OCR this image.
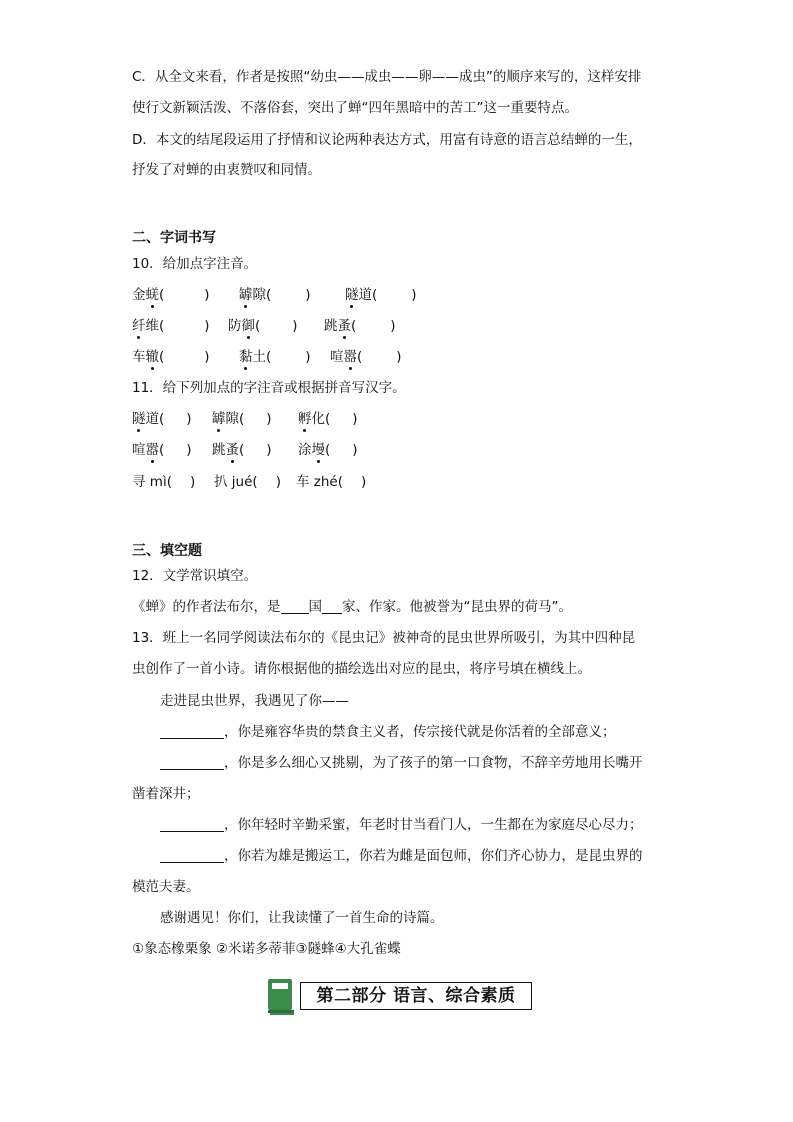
C．从全文来看，作者是按照“幼虫——成虫——卵——成虫”的顺序来写的，这样安排
使行文新颖活泼、不落俗套，突出了蝉“四年黑暗中的苦工”这一重要特点。
D．本文的结尾段运用了抒情和议论两种表达方式，用富有诗意的语言总结蝉的一生，
抒发了对蝉的由衷赞叹和同情。
二、字词书写
10．给加点字注音。
金蜣(	) 罅隙(	)	隧道(	)
纤维(	) 防御( ) 跳蚤(	)
车辙(	) 黏土(	) 喧嚣(	)
11．给下列加点的字注音或根据拼音写汉字。
隧道( ) 罅隙( ) 孵化( )
喧嚣( ) 跳蚤( ) 涂墁( )
寻 mì( ) 扒 jué( ) 车 zhé( )
三、填空题
12．文学常识填空。
《蝉》的作者法布尔，是 国 家、作家。他被誉为“昆虫界的荷马”。
13．班上一名同学阅读法布尔的《昆虫记》被神奇的昆虫世界所吸引，为其中四种昆
虫创作了一首小诗。请你根据他的描绘选出对应的昆虫，将序号填在横线上。
走进昆虫世界，我遇见了你——
，你是雍容华贵的禁食主义者，传宗接代就是你活着的全部意义；
，你是多么细心又挑剔，为了孩子的第一口食物，不辞辛劳地用长嘴开
凿着深井；
，你年轻时辛勤采蜜，年老时甘当看门人，一生都在为家庭尽心尽力；
，你若为雄是搬运工，你若为雌是面包师，你们齐心协力，是昆虫界的
模范夫妻。
感谢遇见！你们，让我读懂了一首生命的诗篇。
①象态橡栗象 ②米诺多蒂菲③隧蜂④大孔雀蝶
第二部分 语言、综合素质
